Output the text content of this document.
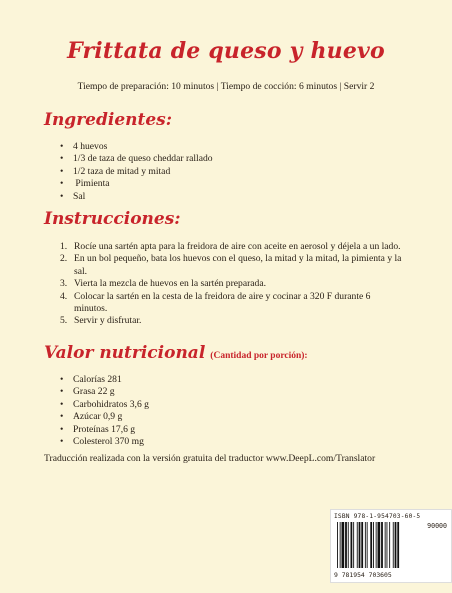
Frittata de queso y huevo
Tiempo de preparación: 10 minutos | Tiempo de cocción: 6 minutos | Servir 2
Ingredientes:
• 4 huevos
• 1/3 de taza de queso cheddar rallado
• 1/2 taza de mitad y mitad
•  Pimienta
• Sal
Instrucciones:
1. Rocíe una sartén apta para la freidora de aire con aceite en aerosol y déjela a un lado.
2. En un bol pequeño, bata los huevos con el queso, la mitad y la mitad, la pimienta y la sal.
3. Vierta la mezcla de huevos en la sartén preparada.
4. Colocar la sartén en la cesta de la freidora de aire y cocinar a 320 F durante 6 minutos.
5. Servir y disfrutar.
Valor nutricional (Cantidad por porción):
• Calorías 281
• Grasa 22 g
• Carbohidratos 3,6 g
• Azúcar 0,9 g
• Proteínas 17,6 g
• Colesterol 370 mg
Traducción realizada con la versión gratuita del traductor www.DeepL.com/Translator
ISBN 978-1-954703-60-5
90000
9 781954 703605
